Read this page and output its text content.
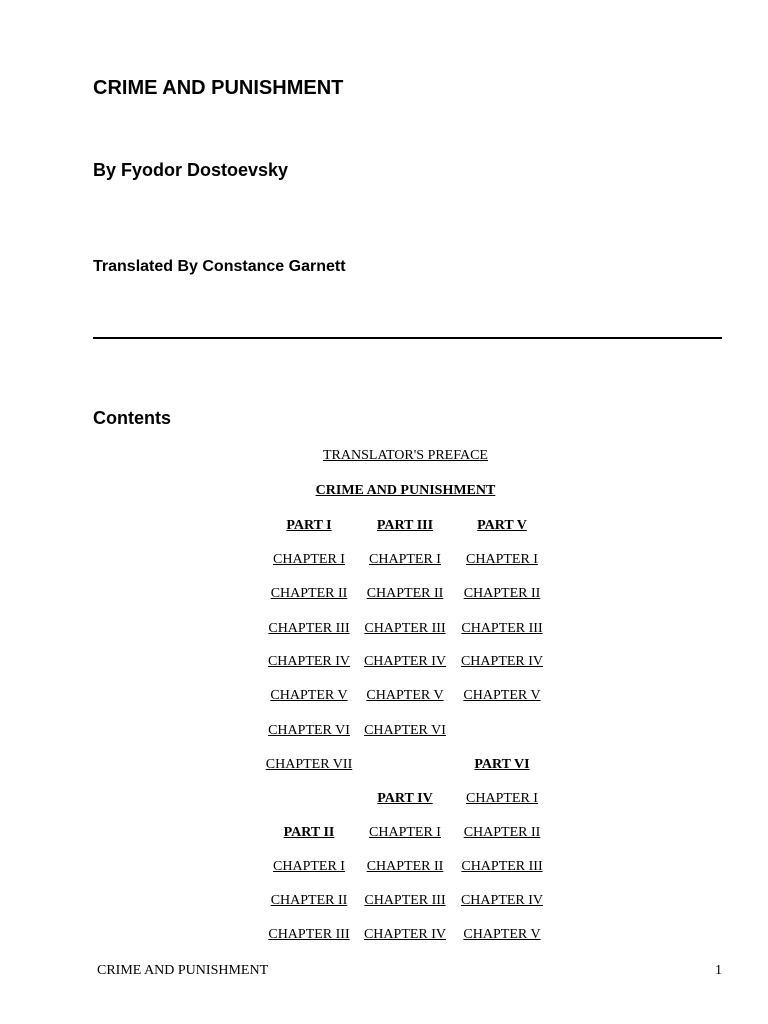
CRIME AND PUNISHMENT
By Fyodor Dostoevsky
Translated By Constance Garnett
Contents
TRANSLATOR'S PREFACE
CRIME AND PUNISHMENT
PART I
CHAPTER I
CHAPTER II
CHAPTER III
CHAPTER IV
CHAPTER V
CHAPTER VI
CHAPTER VII
PART II
CHAPTER I
CHAPTER II
CHAPTER III
PART III
CHAPTER I
CHAPTER II
CHAPTER III
CHAPTER IV
CHAPTER V
CHAPTER VI
PART IV
CHAPTER I
CHAPTER II
CHAPTER III
CHAPTER IV
PART V
CHAPTER I
CHAPTER II
CHAPTER III
CHAPTER IV
CHAPTER V
PART VI
CHAPTER I
CHAPTER II
CHAPTER III
CHAPTER IV
CHAPTER V
CRIME AND PUNISHMENT	1
